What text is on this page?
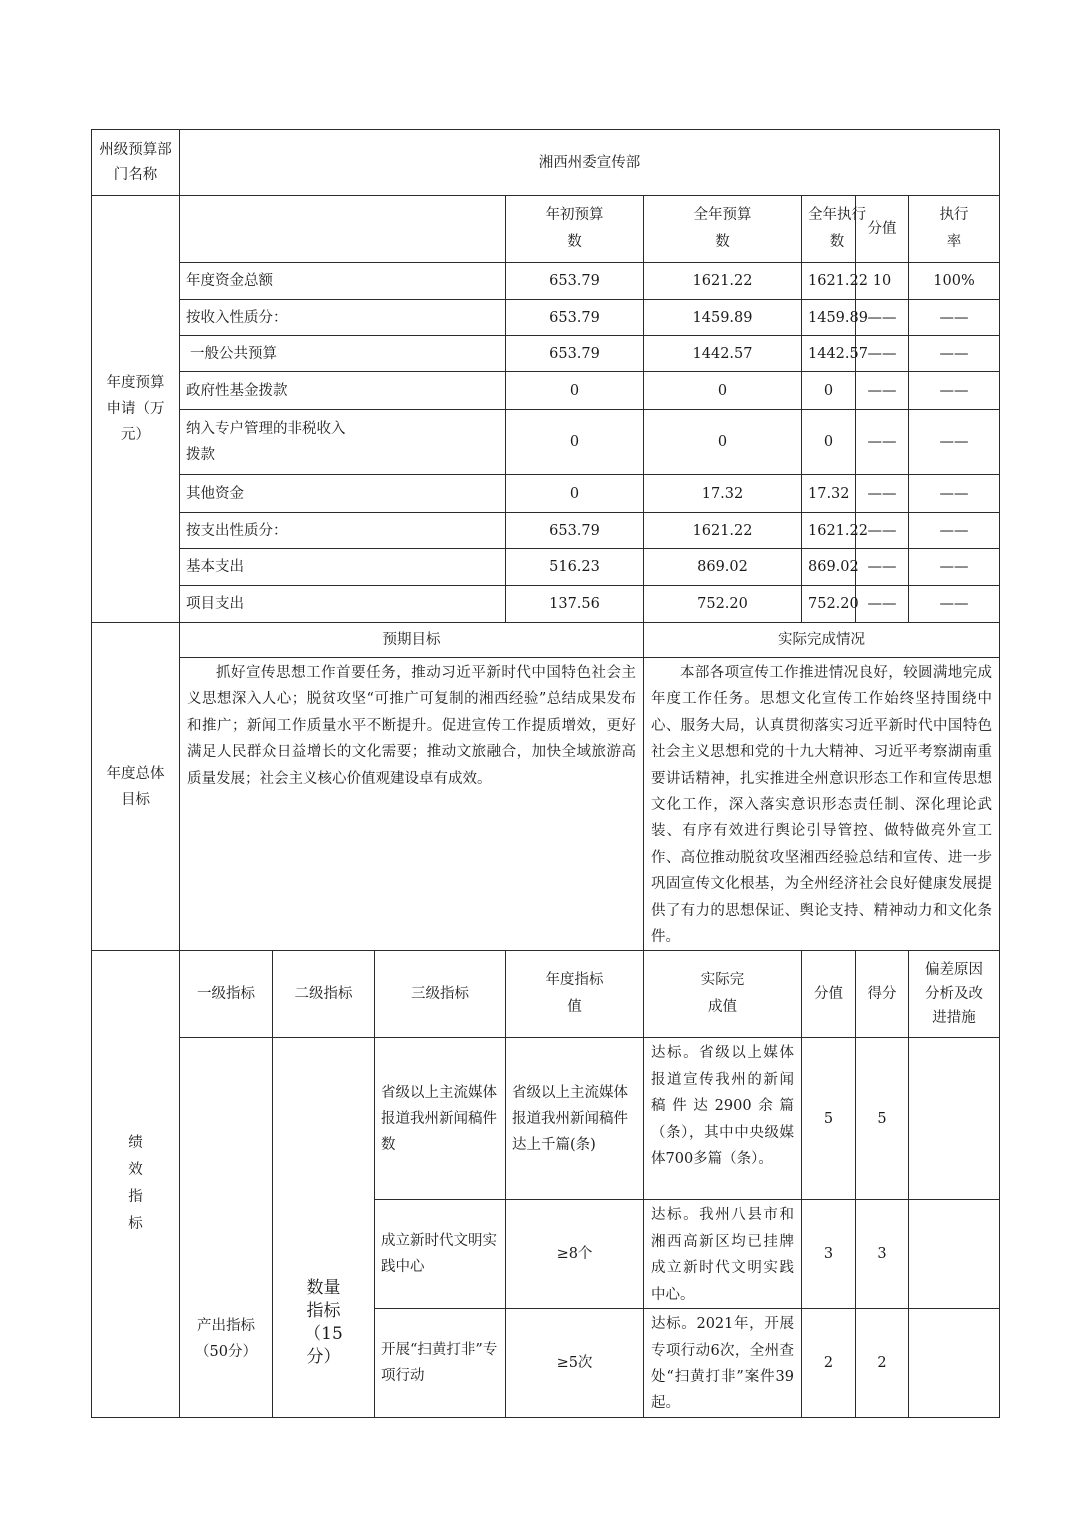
州级预算部门名称	湘西州委宣传部								
年度预算申请（万元）				年初预算数	全年预算数	全年执行数	分值	执行率	
	年度资金总额			653.79	1621.22	1621.22	10	100%	
	按收入性质分：			653.79	1459.89	1459.89	——	——	
	一般公共预算			653.79	1442.57	1442.57	——	——	
	政府性基金拨款			0	0	0	——	——	
	纳入专户管理的非税收入拨款			0	0	0	——	——	
	其他资金			0	17.32	17.32	——	——	
	按支出性质分：			653.79	1621.22	1621.22	——	——	
	基本支出			516.23	869.02	869.02	——	——	
	项目支出			137.56	752.20	752.20	——	——	
年度总体目标	预期目标				实际完成情况				
	抓好宣传思想工作首要任务，推动习近平新时代中国特色社会主义思想深入人心；脱贫攻坚“可推广可复制的湘西经验”总结成果发布和推广；新闻工作质量水平不断提升。促进宣传工作提质增效，更好满足人民群众日益增长的文化需要；推动文旅融合，加快全域旅游高质量发展；社会主义核心价值观建设卓有成效。				本部各项宣传工作推进情况良好，较圆满地完成年度工作任务。思想文化宣传工作始终坚持围绕中心、服务大局，认真贯彻落实习近平新时代中国特色社会主义思想和党的十九大精神、习近平考察湖南重要讲话精神，扎实推进全州意识形态工作和宣传思想文化工作，深入落实意识形态责任制、深化理论武装、有序有效进行舆论引导管控、做特做亮外宣工作、高位推动脱贫攻坚湘西经验总结和宣传、进一步巩固宣传文化根基，为全州经济社会良好健康发展提供了有力的思想保证、舆论支持、精神动力和文化条件。				
绩效指标	一级指标	二级指标	三级指标	年度指标值	实际完成值	分值	得分	偏差原因分析及改进措施	
	产出指标（50分）	数量指标（15分）	省级以上主流媒体报道我州新闻稿件数	省级以上主流媒体报道我州新闻稿件达上千篇(条)	达标。省级以上媒体报道宣传我州的新闻稿件达2900余篇（条），其中中央级媒体700多篇（条）。	5	5		
			成立新时代文明实践中心	≥8个	达标。我州八县市和湘西高新区均已挂牌成立新时代文明实践中心。	3	3		
			开展“扫黄打非”专项行动	≥5次	达标。2021年，开展专项行动6次，全州查处“扫黄打非”案件39起。	2	2		
